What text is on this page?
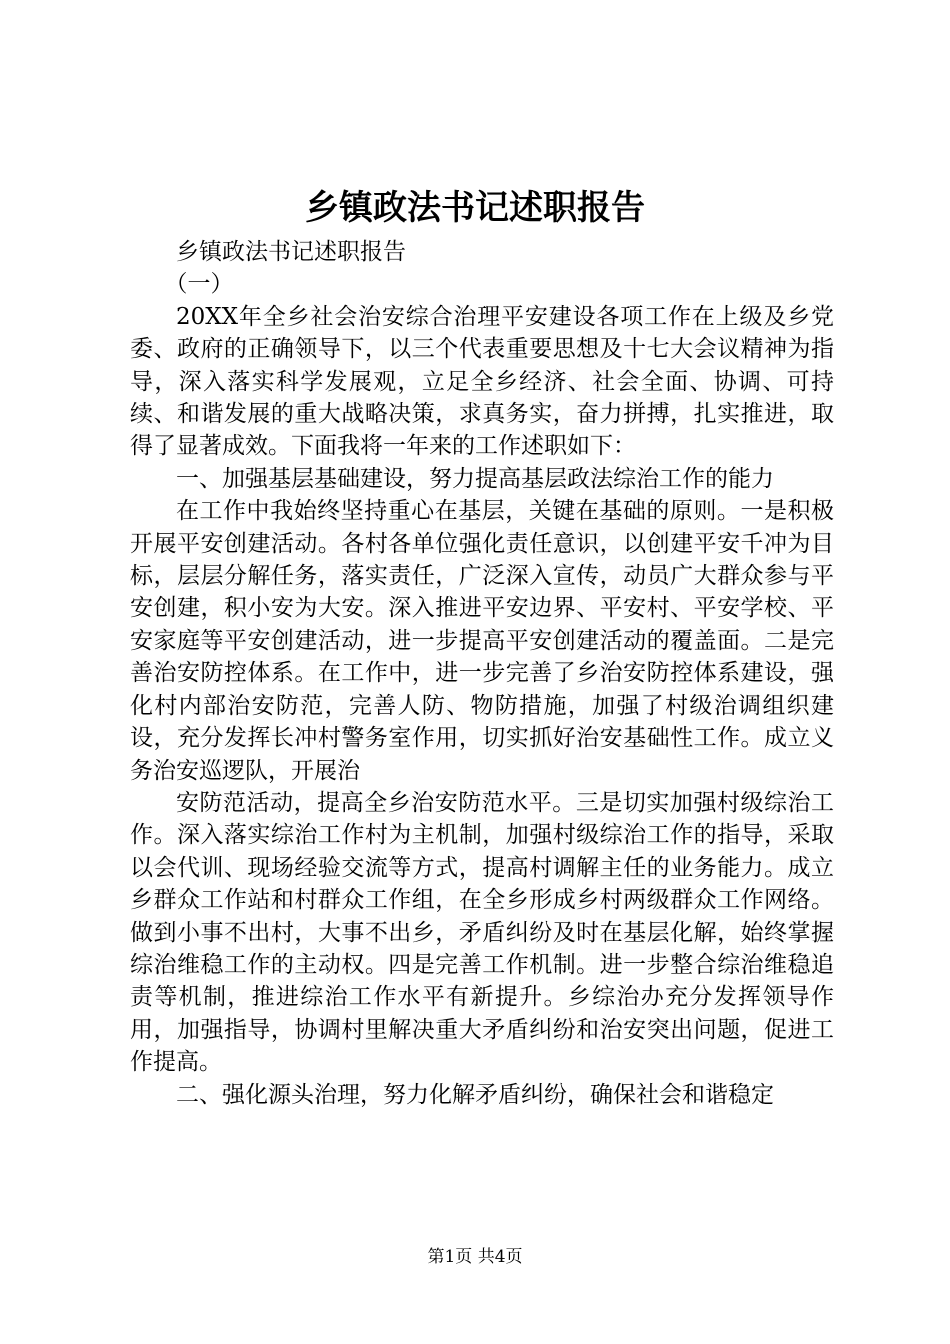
乡镇政法书记述职报告

乡镇政法书记述职报告

（一）

20XX年全乡社会治安综合治理平安建设各项工作在上级及乡党委、政府的正确领导下，以三个代表重要思想及十七大会议精神为指导，深入落实科学发展观，立足全乡经济、社会全面、协调、可持续、和谐发展的重大战略决策，求真务实，奋力拼搏，扎实推进，取得了显著成效。下面我将一年来的工作述职如下：

一、加强基层基础建设，努力提高基层政法综治工作的能力

在工作中我始终坚持重心在基层，关键在基础的原则。一是积极开展平安创建活动。各村各单位强化责任意识，以创建平安千冲为目标，层层分解任务，落实责任，广泛深入宣传，动员广大群众参与平安创建，积小安为大安。深入推进平安边界、平安村、平安学校、平安家庭等平安创建活动，进一步提高平安创建活动的覆盖面。二是完善治安防控体系。在工作中，进一步完善了乡治安防控体系建设，强化村内部治安防范，完善人防、物防措施，加强了村级治调组织建设，充分发挥长冲村警务室作用，切实抓好治安基础性工作。成立义务治安巡逻队，开展治

安防范活动，提高全乡治安防范水平。三是切实加强村级综治工作。深入落实综治工作村为主机制，加强村级综治工作的指导，采取以会代训、现场经验交流等方式，提高村调解主任的业务能力。成立乡群众工作站和村群众工作组，在全乡形成乡村两级群众工作网络。做到小事不出村，大事不出乡，矛盾纠纷及时在基层化解，始终掌握综治维稳工作的主动权。四是完善工作机制。进一步整合综治维稳追责等机制，推进综治工作水平有新提升。乡综治办充分发挥领导作用，加强指导，协调村里解决重大矛盾纠纷和治安突出问题，促进工作提高。

二、强化源头治理，努力化解矛盾纠纷，确保社会和谐稳定

第1页 共4页
